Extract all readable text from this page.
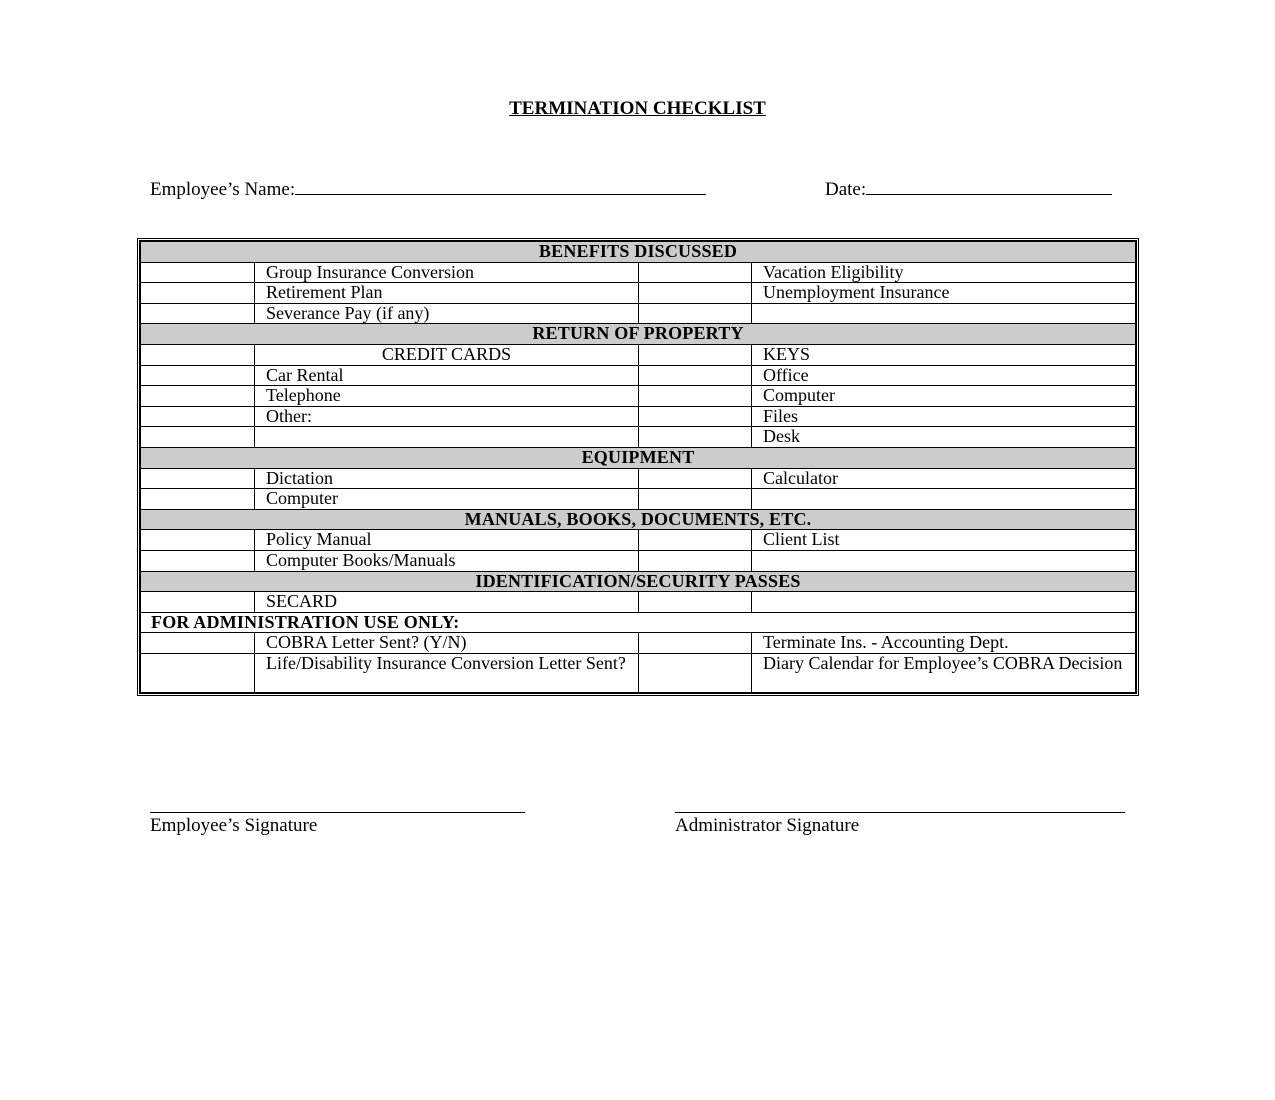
TERMINATION CHECKLIST
Employee’s Name:	Date:
BENEFITS DISCUSSED			
	Group Insurance Conversion		Vacation Eligibility
	Retirement Plan		Unemployment Insurance
	Severance Pay (if any)		
RETURN OF PROPERTY			
	CREDIT CARDS		KEYS
	Car Rental		Office
	Telephone		Computer
	Other:		Files
			Desk
EQUIPMENT			
	Dictation		Calculator
	Computer		
MANUALS, BOOKS, DOCUMENTS, ETC.			
	Policy Manual		Client List
	Computer Books/Manuals		
IDENTIFICATION/SECURITY PASSES			
	SECARD		
FOR ADMINISTRATION USE ONLY:			
	COBRA Letter Sent? (Y/N)		Terminate Ins. - Accounting Dept.
	Life/Disability Insurance Conversion Letter Sent?		Diary Calendar for Employee’s COBRA Decision
Employee’s Signature	Administrator Signature
